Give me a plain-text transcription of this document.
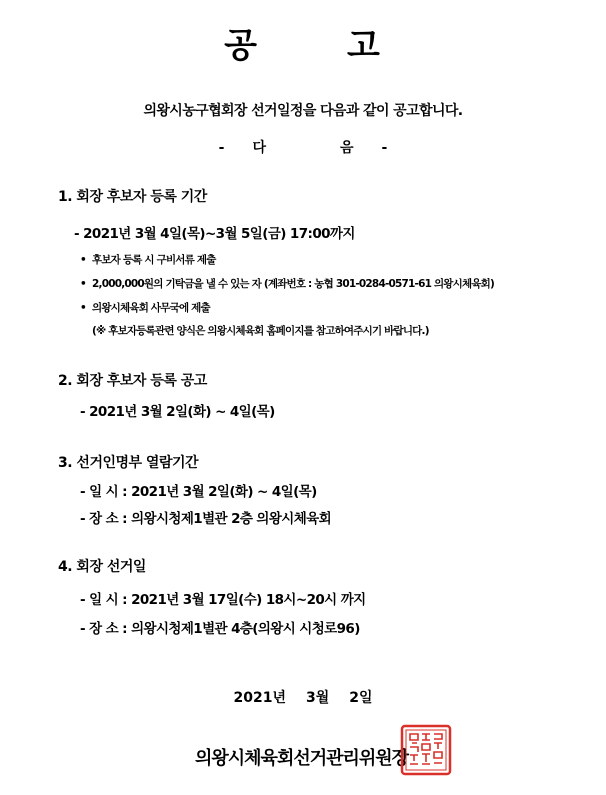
공	고
의왕시농구협회장 선거일정을 다음과 같이 공고합니다.
- 다	음 -
1. 회장 후보자 등록 기간
- 2021년 3월 4일(목)~3월 5일(금) 17:00까지
• 후보자 등록 시 구비서류 제출
• 2,000,000원의 기탁금을 낼 수 있는 자 (계좌번호 : 농협 301-0284-0571-61 의왕시체육회)
• 의왕시체육회 사무국에 제출
(※ 후보자등록관련 양식은 의왕시체육회 홈페이지를 참고하여주시기 바랍니다.)
2. 회장 후보자 등록 공고
- 2021년 3월 2일(화) ~ 4일(목)
3. 선거인명부 열람기간
- 일 시 : 2021년 3월 2일(화) ~ 4일(목)
- 장 소 : 의왕시청제1별관 2층 의왕시체육회
4. 회장 선거일
- 일 시 : 2021년 3월 17일(수) 18시~20시 까지
- 장 소 : 의왕시청제1별관 4층(의왕시 시청로96)
2021년 3월 2일
의왕시체육회선거관리위원장
